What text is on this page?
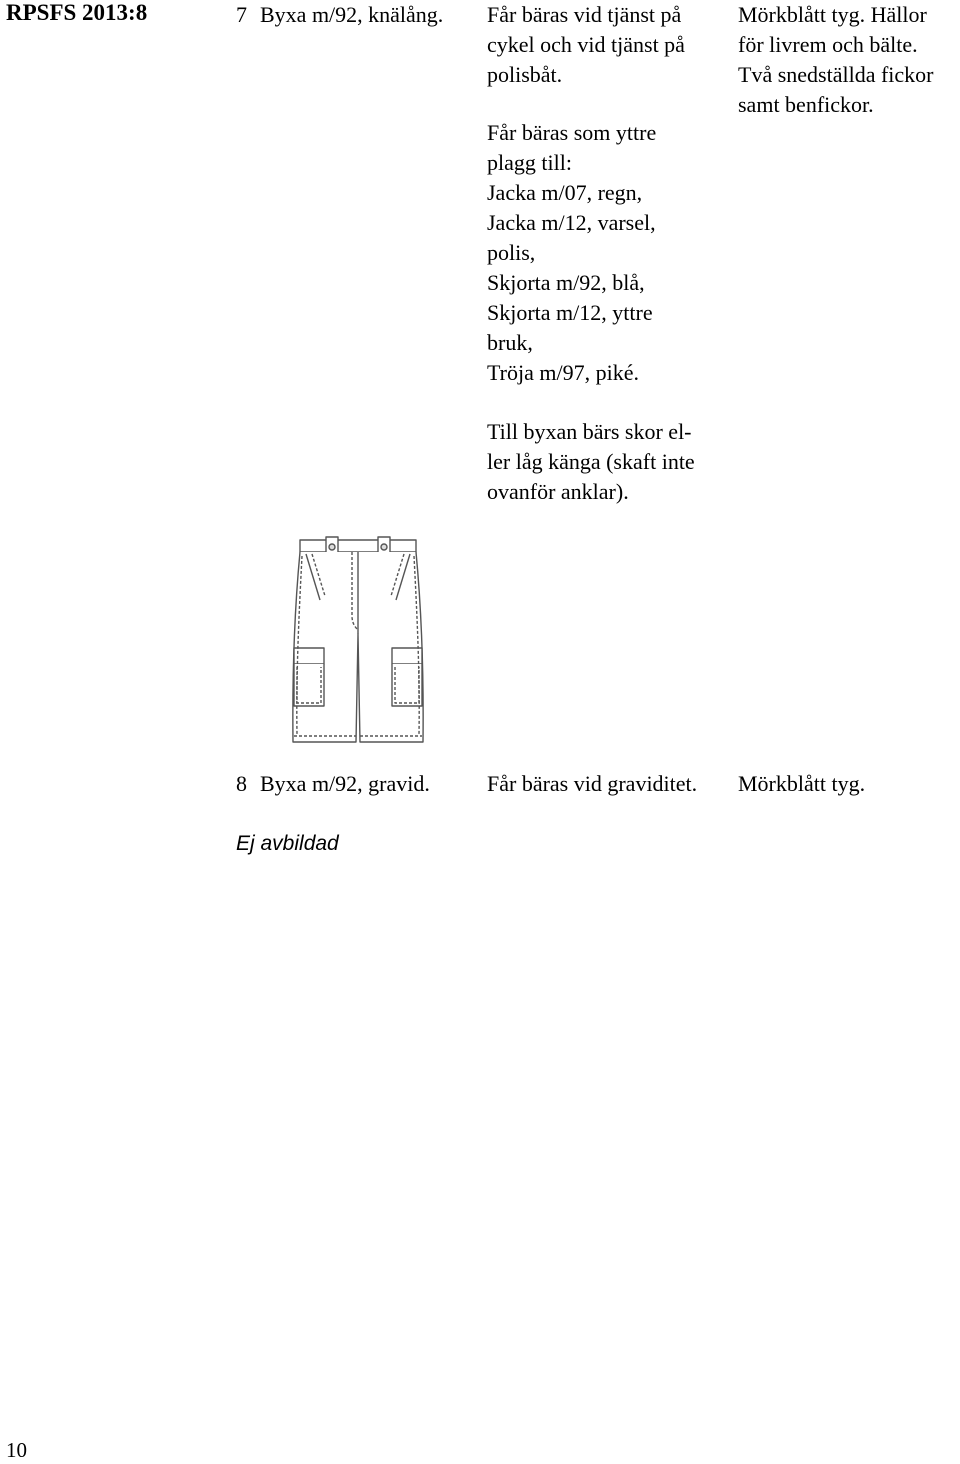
RPSFS 2013:8	7 Byxa m/92, knälång. Får bäras vid tjänst på
cykel och vid tjänst på
polisbåt.
Får bäras som yttre
plagg till:
Jacka m/07, regn,
Jacka m/12, varsel,
polis,
Skjorta m/92, blå,
Skjorta m/12, yttre
bruk,
Tröja m/97, piké.
Till byxan bärs skor el-
ler låg känga (skaft inte
ovanför anklar).
Mörkblått tyg. Hällor
för livrem och bälte.
Två snedställda fickor
samt benfickor.
8 Byxa m/92, gravid.	Får bäras vid graviditet. Mörkblått tyg.
Ej avbildad
10
